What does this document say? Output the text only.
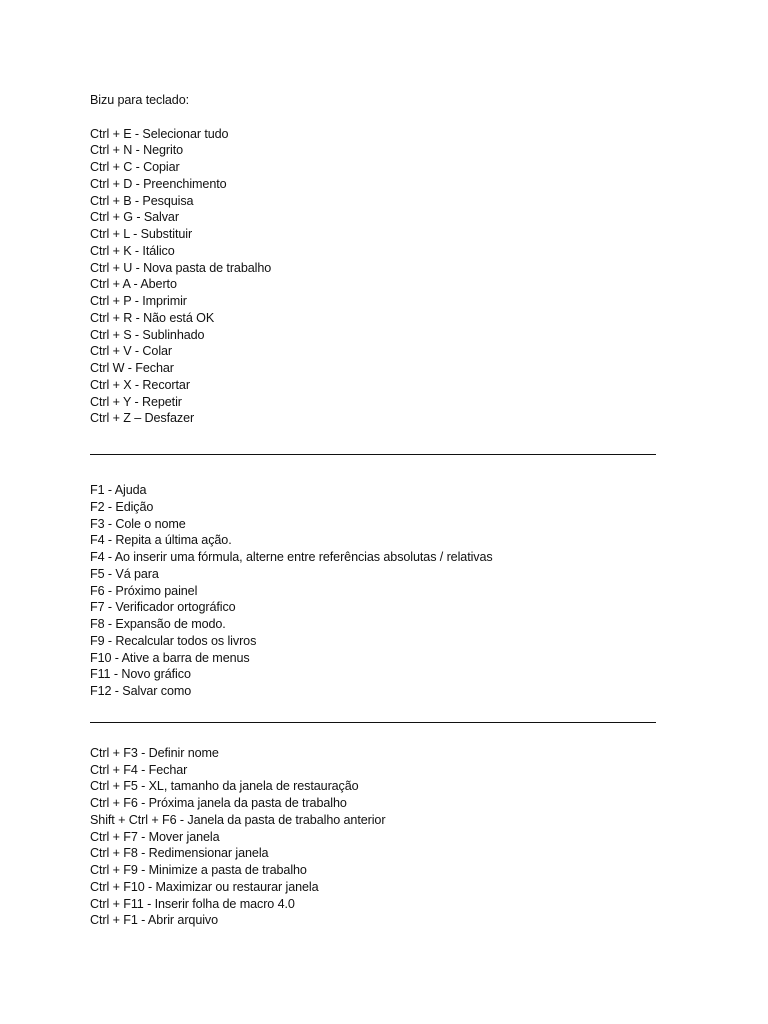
Bizu para teclado:
Ctrl + E - Selecionar tudo
Ctrl + N - Negrito
Ctrl + C - Copiar
Ctrl + D - Preenchimento
Ctrl + B - Pesquisa
Ctrl + G - Salvar
Ctrl + L - Substituir
Ctrl + K - Itálico
Ctrl + U - Nova pasta de trabalho
Ctrl + A - Aberto
Ctrl + P - Imprimir
Ctrl + R - Não está OK
Ctrl + S - Sublinhado
Ctrl + V - Colar
Ctrl W - Fechar
Ctrl + X - Recortar
Ctrl + Y - Repetir
Ctrl + Z – Desfazer
F1 - Ajuda
F2 - Edição
F3 - Cole o nome
F4 - Repita a última ação.
F4 - Ao inserir uma fórmula, alterne entre referências absolutas / relativas
F5 - Vá para
F6 - Próximo painel
F7 - Verificador ortográfico
F8 - Expansão de modo.
F9 - Recalcular todos os livros
F10 - Ative a barra de menus
F11 - Novo gráfico
F12 - Salvar como
Ctrl + F3 - Definir nome
Ctrl + F4 - Fechar
Ctrl + F5 - XL, tamanho da janela de restauração
Ctrl + F6 - Próxima janela da pasta de trabalho
Shift + Ctrl + F6 - Janela da pasta de trabalho anterior
Ctrl + F7 - Mover janela
Ctrl + F8 - Redimensionar janela
Ctrl + F9 - Minimize a pasta de trabalho
Ctrl + F10 - Maximizar ou restaurar janela
Ctrl + F11 - Inserir folha de macro 4.0
Ctrl + F1 - Abrir arquivo
